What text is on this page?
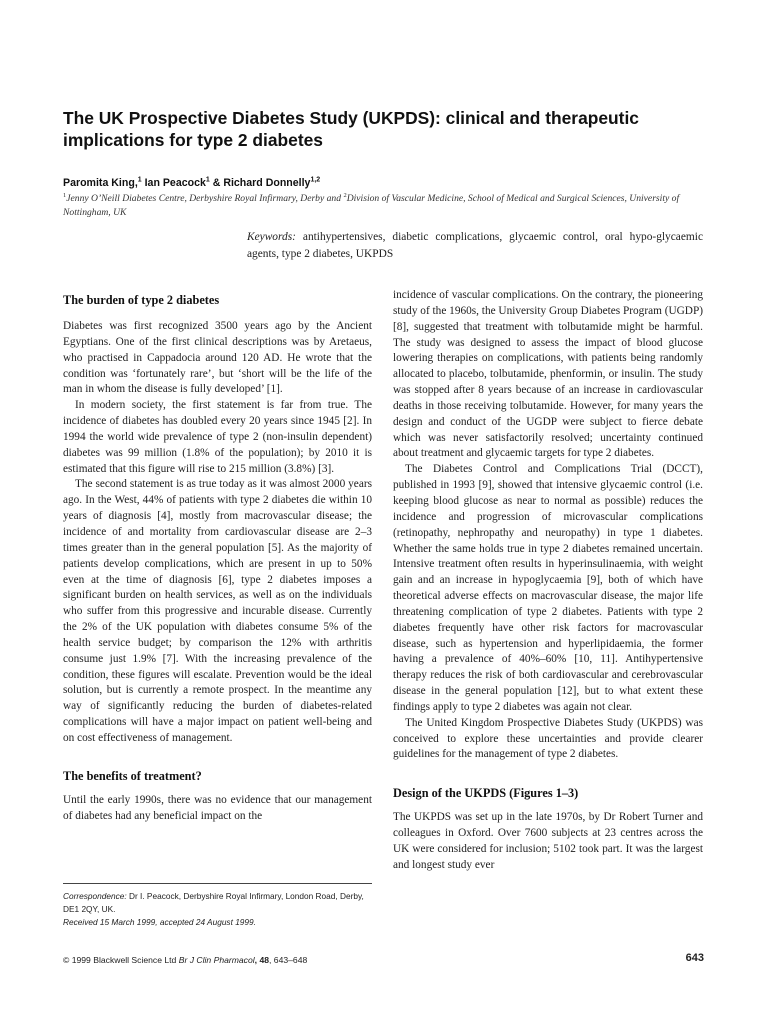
The UK Prospective Diabetes Study (UKPDS): clinical and therapeutic implications for type 2 diabetes
Paromita King,$^1$ Ian Peacock$^1$ & Richard Donnelly$^{1,2}$
$^1$Jenny O’Neill Diabetes Centre, Derbyshire Royal Infirmary, Derby and $^2$Division of Vascular Medicine, School of Medical and Surgical Sciences, University of Nottingham, UK
Keywords: antihypertensives, diabetic complications, glycaemic control, oral hypo-glycaemic agents, type 2 diabetes, UKPDS
The burden of type 2 diabetes

Diabetes was first recognized 3500 years ago by the Ancient Egyptians. One of the first clinical descriptions was by Aretaeus, who practised in Cappadocia around 120 AD. He wrote that the condition was ‘fortunately rare’, but ‘short will be the life of the man in whom the disease is fully developed’ [1].

In modern society, the first statement is far from true. The incidence of diabetes has doubled every 20 years since 1945 [2]. In 1994 the world wide prevalence of type 2 (non-insulin dependent) diabetes was 99 million (1.8% of the population); by 2010 it is estimated that this figure will rise to 215 million (3.8%) [3].

The second statement is as true today as it was almost 2000 years ago. In the West, 44% of patients with type 2 diabetes die within 10 years of diagnosis [4], mostly from macrovascular disease; the incidence of and mortality from cardiovascular disease are 2–3 times greater than in the general population [5]. As the majority of patients develop complications, which are present in up to 50% even at the time of diagnosis [6], type 2 diabetes imposes a significant burden on health services, as well as on the individuals who suffer from this progressive and incurable disease. Currently the 2% of the UK population with diabetes consume 5% of the health service budget; by comparison the 12% with arthritis consume just 1.9% [7]. With the increasing prevalence of the condition, these figures will escalate. Prevention would be the ideal solution, but is currently a remote prospect. In the meantime any way of significantly reducing the burden of diabetes-related complications will have a major impact on patient well-being and on cost effectiveness of management.

The benefits of treatment?

Until the early 1990s, there was no evidence that our management of diabetes had any beneficial impact on the

incidence of vascular complications. On the contrary, the pioneering study of the 1960s, the University Group Diabetes Program (UGDP) [8], suggested that treatment with tolbutamide might be harmful. The study was designed to assess the impact of blood glucose lowering therapies on complications, with patients being randomly allocated to placebo, tolbutamide, phenformin, or insulin. The study was stopped after 8 years because of an increase in cardiovascular deaths in those receiving tolbutamide. However, for many years the design and conduct of the UGDP were subject to fierce debate which was never satisfactorily resolved; uncertainty continued about treatment and glycaemic targets for type 2 diabetes.

The Diabetes Control and Complications Trial (DCCT), published in 1993 [9], showed that intensive glycaemic control (i.e. keeping blood glucose as near to normal as possible) reduces the incidence and progression of microvascular complications (retinopathy, nephropathy and neuropathy) in type 1 diabetes. Whether the same holds true in type 2 diabetes remained uncertain. Intensive treatment often results in hyperinsulinaemia, with weight gain and an increase in hypoglycaemia [9], both of which have theoretical adverse effects on macrovascular disease, the major life threatening complication of type 2 diabetes. Patients with type 2 diabetes frequently have other risk factors for macrovascular disease, such as hypertension and hyperlipidaemia, the former having a prevalence of 40%–60% [10, 11]. Antihypertensive therapy reduces the risk of both cardiovascular and cerebrovascular disease in the general population [12], but to what extent these findings apply to type 2 diabetes was again not clear.

The United Kingdom Prospective Diabetes Study (UKPDS) was conceived to explore these uncertainties and provide clearer guidelines for the management of type 2 diabetes.

Design of the UKPDS (Figures 1–3)

The UKPDS was set up in the late 1970s, by Dr Robert Turner and colleagues in Oxford. Over 7600 subjects at 23 centres across the UK were considered for inclusion; 5102 took part. It was the largest and longest study ever

Correspondence: Dr I. Peacock, Derbyshire Royal Infirmary, London Road, Derby, DE1 2QY, UK.
Received 15 March 1999, accepted 24 August 1999.
© 1999 Blackwell Science Ltd Br J Clin Pharmacol, 48, 643–648	643
